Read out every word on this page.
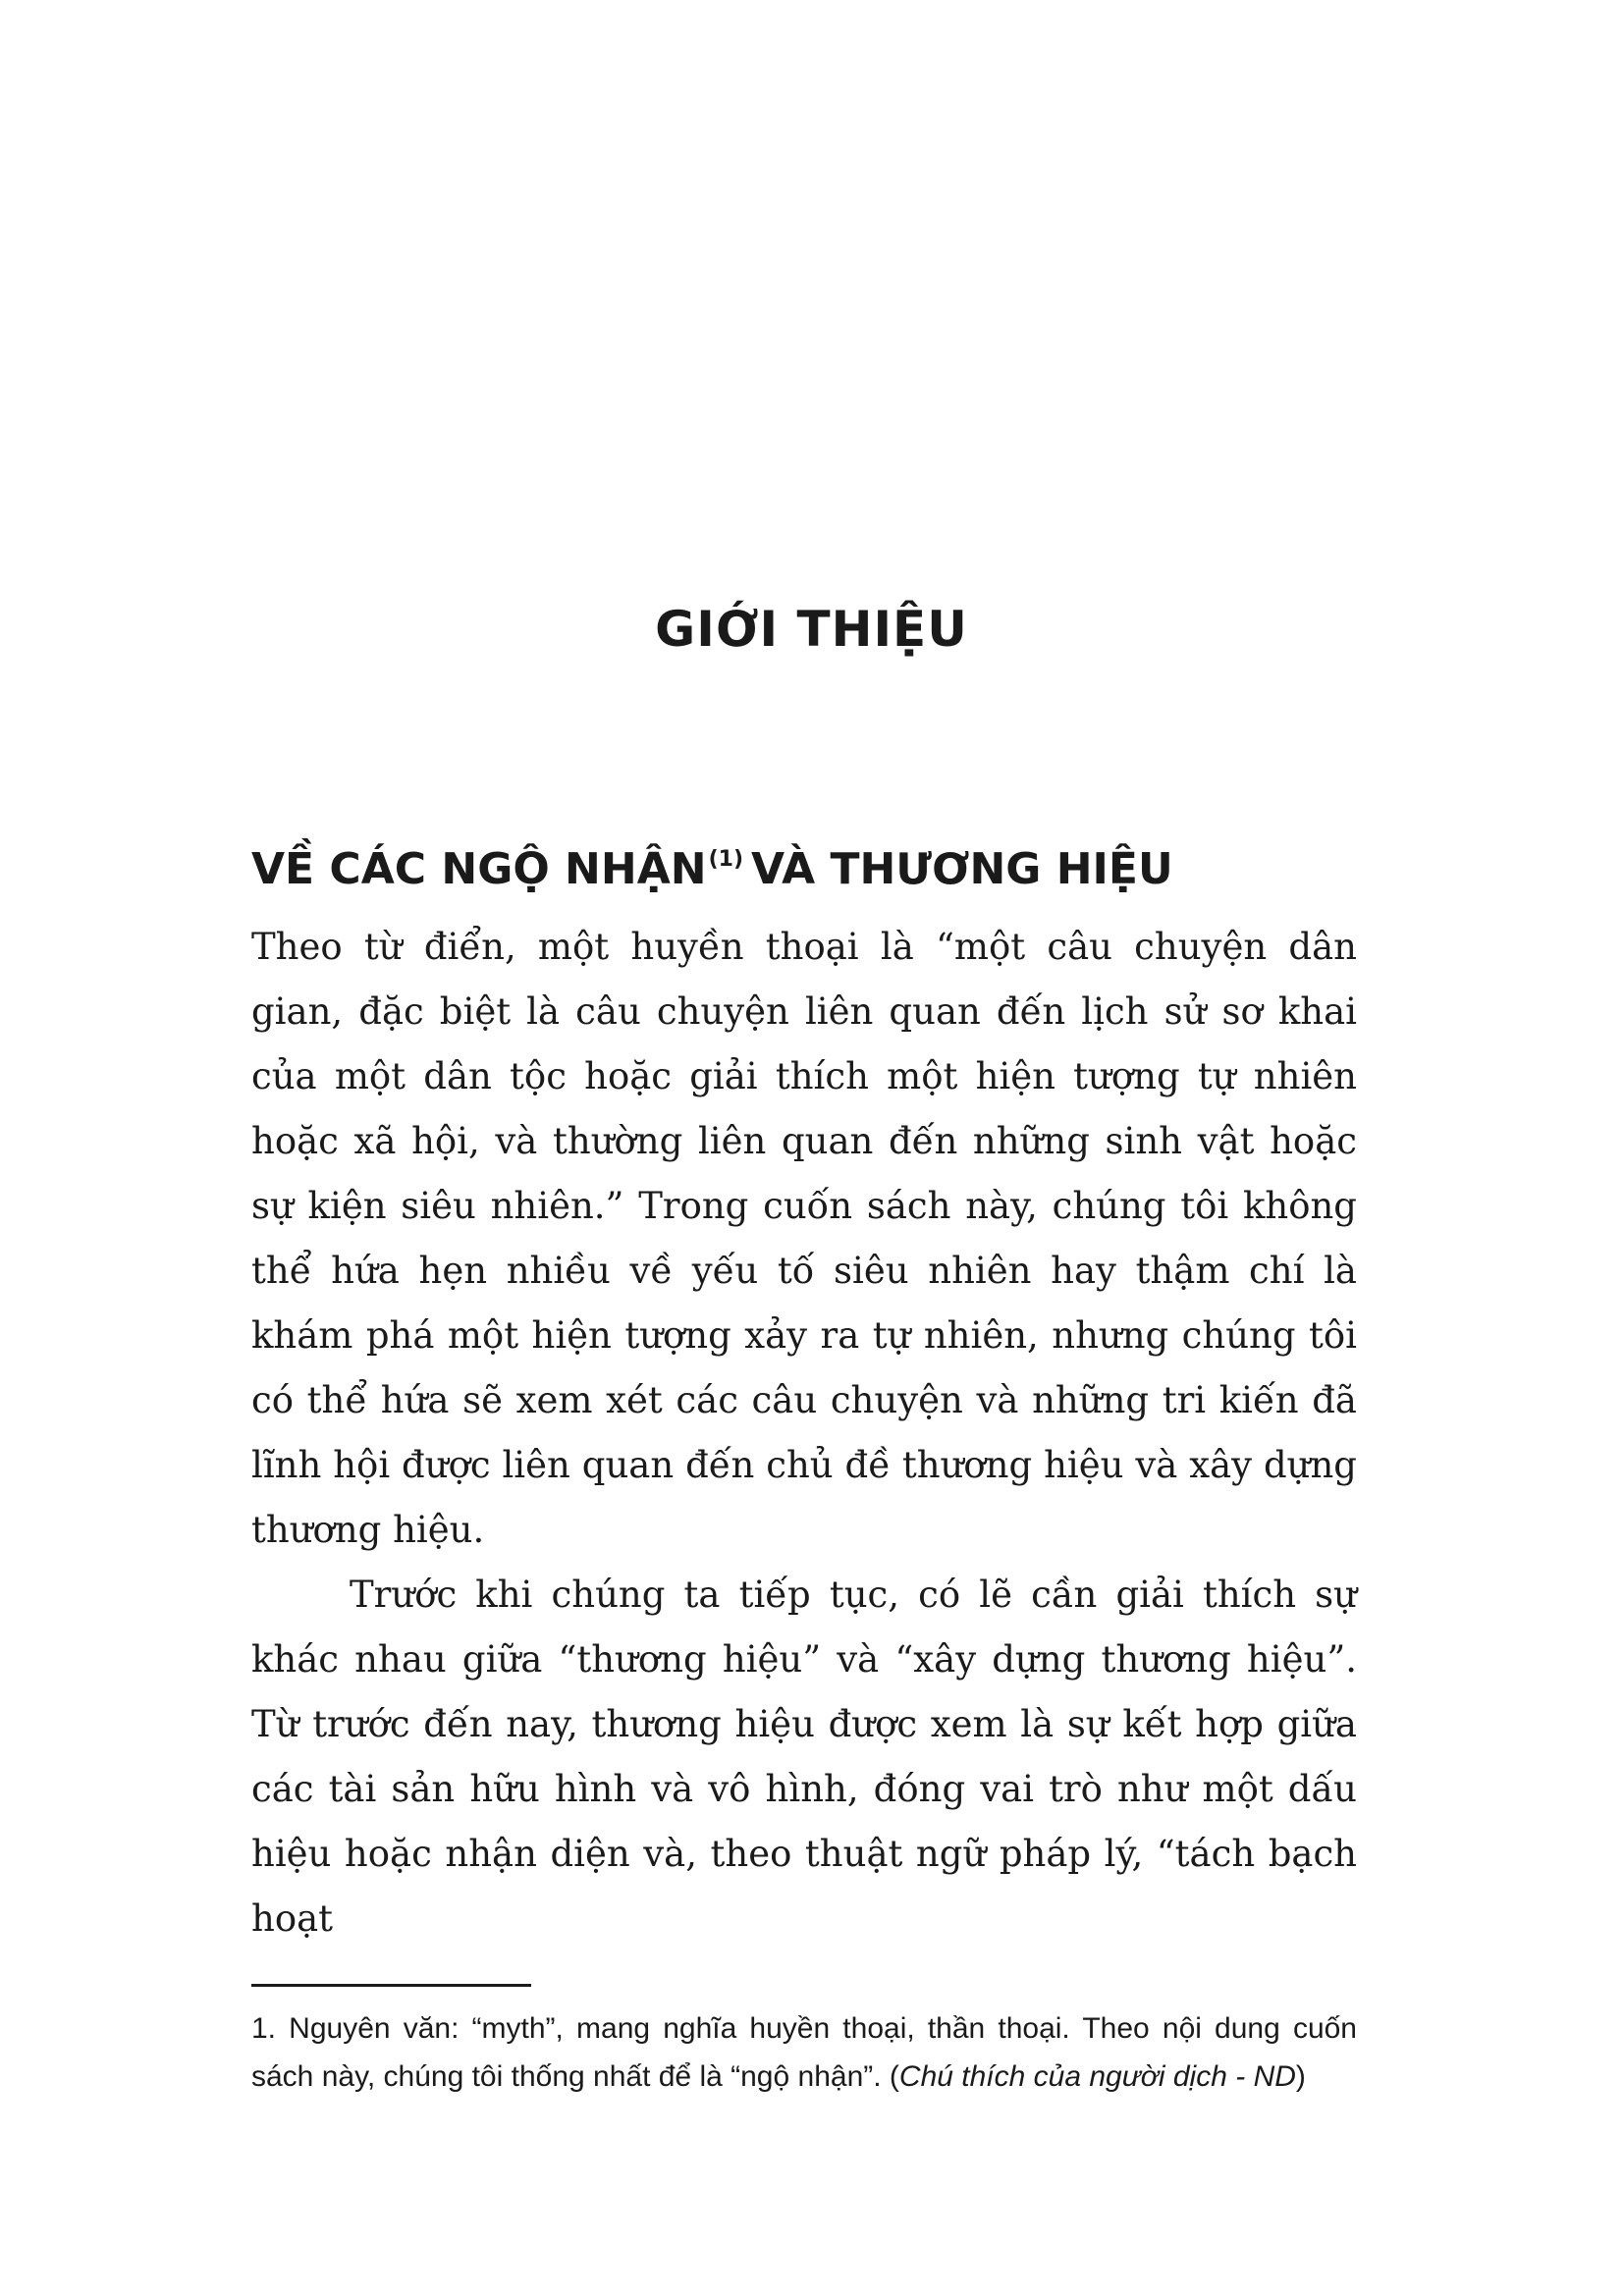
GIỚI THIỆU
VỀ CÁC NGỘ NHẬN$^{(1)}$ VÀ THƯƠNG HIỆU

Theo từ điển, một huyền thoại là “một câu chuyện dân gian, đặc biệt là câu chuyện liên quan đến lịch sử sơ khai của một dân tộc hoặc giải thích một hiện tượng tự nhiên hoặc xã hội, và thường liên quan đến những sinh vật hoặc sự kiện siêu nhiên.” Trong cuốn sách này, chúng tôi không thể hứa hẹn nhiều về yếu tố siêu nhiên hay thậm chí là khám phá một hiện tượng xảy ra tự nhiên, nhưng chúng tôi có thể hứa sẽ xem xét các câu chuyện và những tri kiến đã lĩnh hội được liên quan đến chủ đề thương hiệu và xây dựng thương hiệu.

Trước khi chúng ta tiếp tục, có lẽ cần giải thích sự khác nhau giữa “thương hiệu” và “xây dựng thương hiệu”. Từ trước đến nay, thương hiệu được xem là sự kết hợp giữa các tài sản hữu hình và vô hình, đóng vai trò như một dấu hiệu hoặc nhận diện và, theo thuật ngữ pháp lý, “tách bạch hoạt

1. Nguyên văn: “myth”, mang nghĩa huyền thoại, thần thoại. Theo nội dung cuốn sách này, chúng tôi thống nhất để là “ngộ nhận”. (Chú thích của người dịch - ND)
